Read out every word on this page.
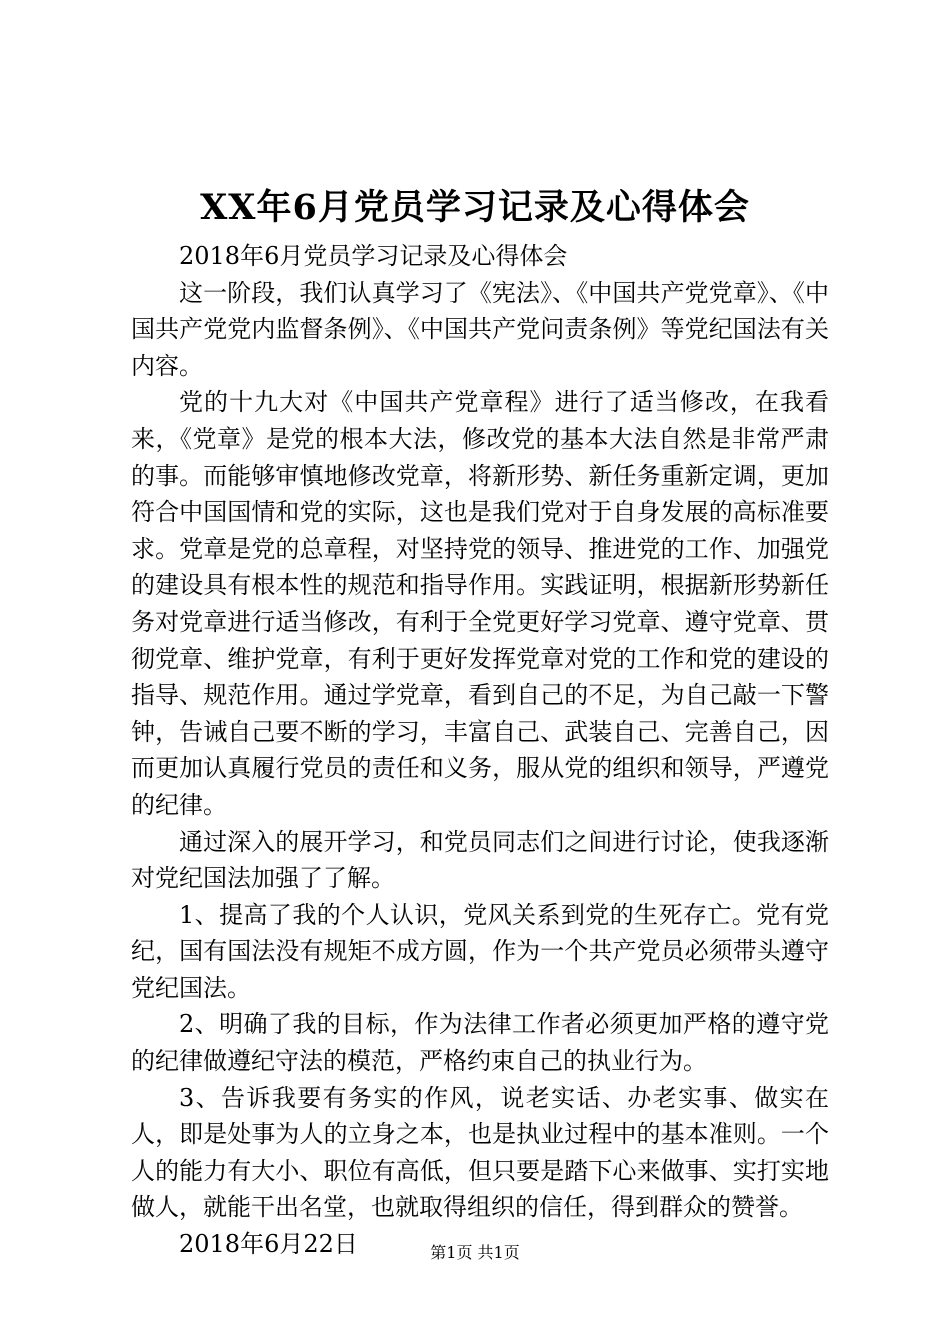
XX年6月党员学习记录及心得体会

2018年6月党员学习记录及心得体会

这一阶段，我们认真学习了《宪法》、《中国共产党党章》、《中国共产党党内监督条例》、《中国共产党问责条例》等党纪国法有关内容。

党的十九大对《中国共产党章程》进行了适当修改，在我看来，《党章》是党的根本大法，修改党的基本大法自然是非常严肃的事。而能够审慎地修改党章，将新形势、新任务重新定调，更加符合中国国情和党的实际，这也是我们党对于自身发展的高标准要求。党章是党的总章程，对坚持党的领导、推进党的工作、加强党的建设具有根本性的规范和指导作用。实践证明，根据新形势新任务对党章进行适当修改，有利于全党更好学习党章、遵守党章、贯彻党章、维护党章，有利于更好发挥党章对党的工作和党的建设的指导、规范作用。通过学党章，看到自己的不足，为自己敲一下警钟，告诫自己要不断的学习，丰富自己、武装自己、完善自己，因而更加认真履行党员的责任和义务，服从党的组织和领导，严遵党的纪律。

通过深入的展开学习，和党员同志们之间进行讨论，使我逐渐对党纪国法加强了了解。

1、提高了我的个人认识，党风关系到党的生死存亡。党有党纪，国有国法没有规矩不成方圆，作为一个共产党员必须带头遵守党纪国法。

2、明确了我的目标，作为法律工作者必须更加严格的遵守党的纪律做遵纪守法的模范，严格约束自己的执业行为。

3、告诉我要有务实的作风，说老实话、办老实事、做实在人，即是处事为人的立身之本，也是执业过程中的基本准则。一个人的能力有大小、职位有高低，但只要是踏下心来做事、实打实地做人，就能干出名堂，也就取得组织的信任，得到群众的赞誉。

2018年6月22日	第1页 共1页
